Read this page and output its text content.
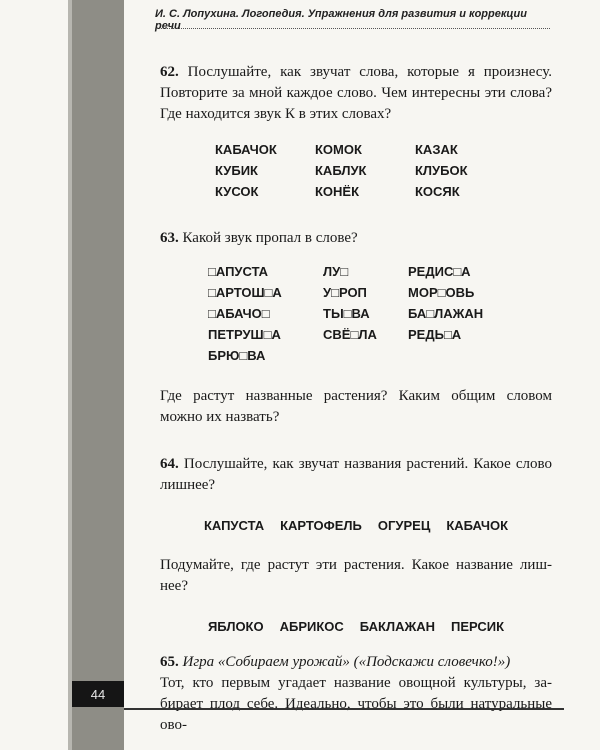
И. С. Лопухина. Логопедия. Упражнения для развития и коррекции речи

62. Послушайте, как звучат слова, которые я произнесу. Повторите за мной каждое слово. Чем интересны эти слова? Где находится звук К в этих словах?

КАБАЧОК	КОМОК	КАЗАК
КУБИК	КАБЛУК	КЛУБОК
КУСОК	КОНЁК	КОСЯК

63. Какой звук пропал в слове?

□АПУСТА	ЛУ□	РЕДИС□А
□АРТОШ□А	У□РОП	МОР□ОВЬ
□АБАЧО□	ТЫ□ВА	БА□ЛАЖАН
ПЕТРУШ□А	СВЁ□ЛА	РЕДЬ□А
БРЮ□ВА

Где растут названные растения? Каким общим словом можно их назвать?

64. Послушайте, как звучат названия растений. Какое слово лишнее?

КАПУСТА КАРТОФЕЛЬ ОГУРЕЦ КАБАЧОК

Подумайте, где растут эти растения. Какое название лишнее?

ЯБЛОКО АБРИКОС БАКЛАЖАН ПЕРСИК

65. Игра «Собираем урожай» («Подскажи словечко!»)

Тот, кто первым угадает название овощной культуры, забирает плод себе. Идеально, чтобы это были натуральные ово-

44
